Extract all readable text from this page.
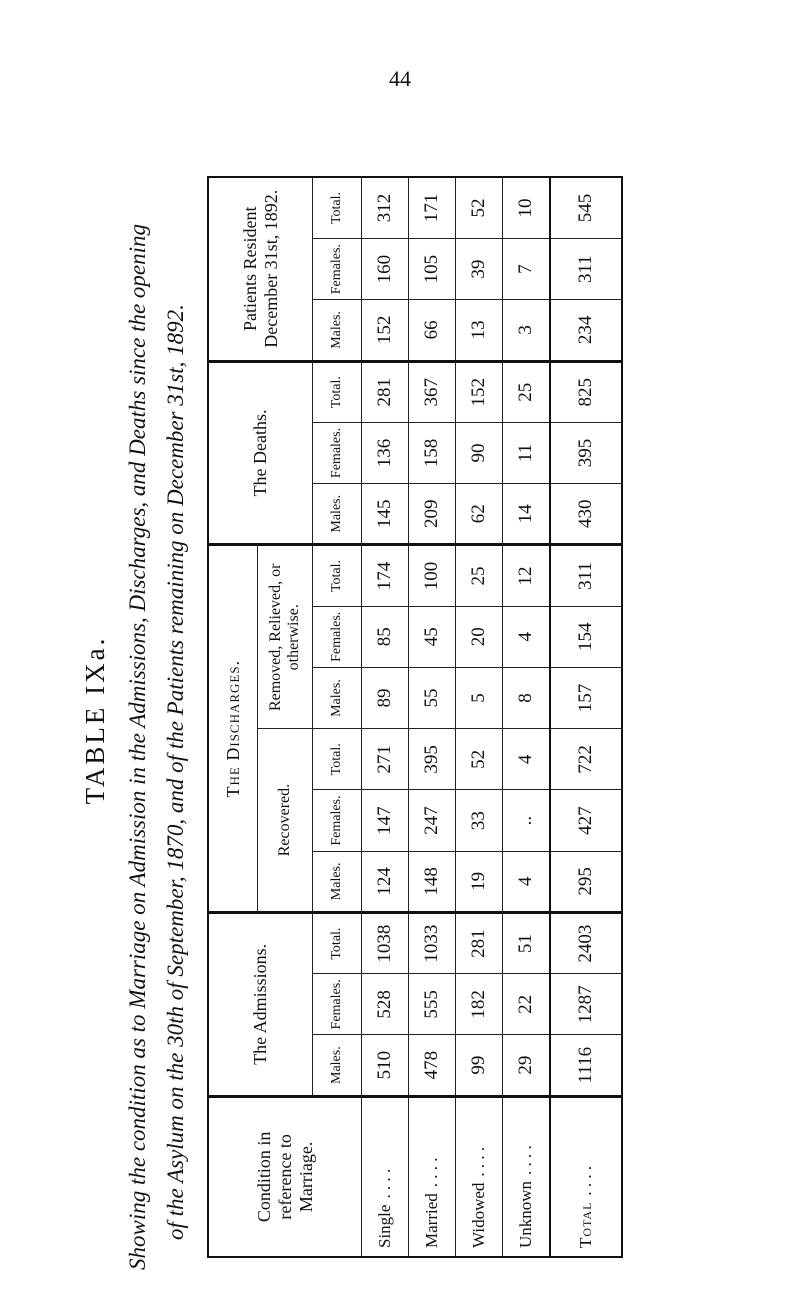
44
TABLE IXa. Showing the condition as to Marriage on Admission in the Admissions, Discharges, and Deaths since the opening of the Asylum on the 30th of September, 1870, and of the Patients remaining on December 31st, 1892.	Condition in reference to Marriage.	The Admissions.			The Discharges.						The Deaths.			Patients Resident December 31st, 1892.		
				Recovered.			Removed, Relieved, or otherwise.								
	Males.	Females.	Total.	Males.	Females.	Total.	Males.	Females.	Total.	Males.	Females.	Total.	Males.	Females.	Total.
Single. . . .	510	528	1038	124	147	271	89	85	174	145	136	281	152	160	312
Married. . . .	478	555	1033	148	247	395	55	45	100	209	158	367	66	105	171
Widowed. . . .	99	182	281	19	33	52	5	20	25	62	90	152	13	39	52
Unknown. . . .	29	22	51	4	..	4	8	4	12	14	11	25	3	7	10
Total. . . .	1116	1287	2403	295	427	722	157	154	311	430	395	825	234	311	545
